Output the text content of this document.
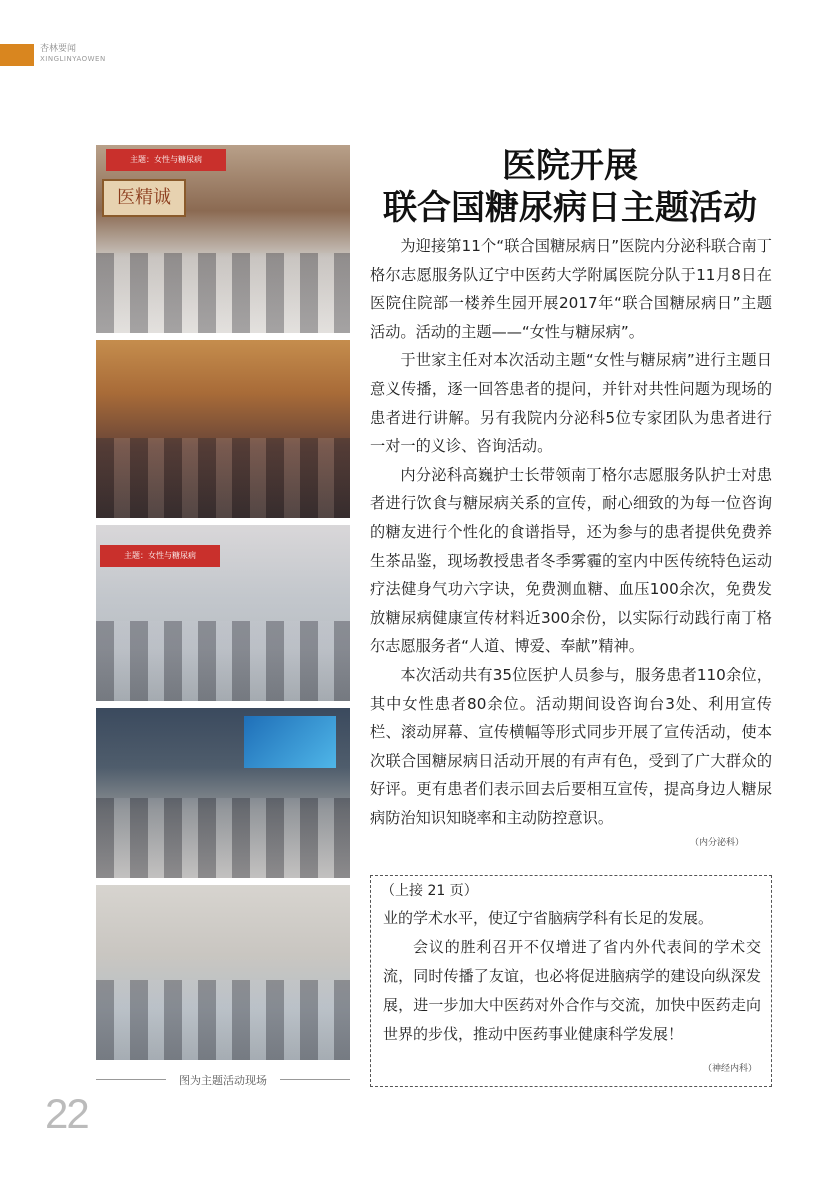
杏林要闻
XINGLINYAOWEN
主题：女性与糖尿病
医精诚
主题：女性与糖尿病
图为主题活动现场
22
医院开展
联合国糖尿病日主题活动

为迎接第11个“联合国糖尿病日”医院内分泌科联合南丁格尔志愿服务队辽宁中医药大学附属医院分队于11月8日在医院住院部一楼养生园开展2017年“联合国糖尿病日”主题活动。活动的主题——“女性与糖尿病”。

于世家主任对本次活动主题“女性与糖尿病”进行主题日意义传播，逐一回答患者的提问，并针对共性问题为现场的患者进行讲解。另有我院内分泌科5位专家团队为患者进行一对一的义诊、咨询活动。

内分泌科高巍护士长带领南丁格尔志愿服务队护士对患者进行饮食与糖尿病关系的宣传，耐心细致的为每一位咨询的糖友进行个性化的食谱指导，还为参与的患者提供免费养生茶品鉴，现场教授患者冬季雾霾的室内中医传统特色运动疗法健身气功六字诀，免费测血糖、血压100余次，免费发放糖尿病健康宣传材料近300余份，以实际行动践行南丁格尔志愿服务者“人道、博爱、奉献”精神。

本次活动共有35位医护人员参与，服务患者110余位，其中女性患者80余位。活动期间设咨询台3处、利用宣传栏、滚动屏幕、宣传横幅等形式同步开展了宣传活动，使本次联合国糖尿病日活动开展的有声有色，受到了广大群众的好评。更有患者们表示回去后要相互宣传，提高身边人糖尿病防治知识知晓率和主动防控意识。

（内分泌科）
（上接 21 页）

业的学术水平，使辽宁省脑病学科有长足的发展。

会议的胜利召开不仅增进了省内外代表间的学术交流，同时传播了友谊，也必将促进脑病学的建设向纵深发展，进一步加大中医药对外合作与交流，加快中医药走向世界的步伐，推动中医药事业健康科学发展！

（神经内科）
